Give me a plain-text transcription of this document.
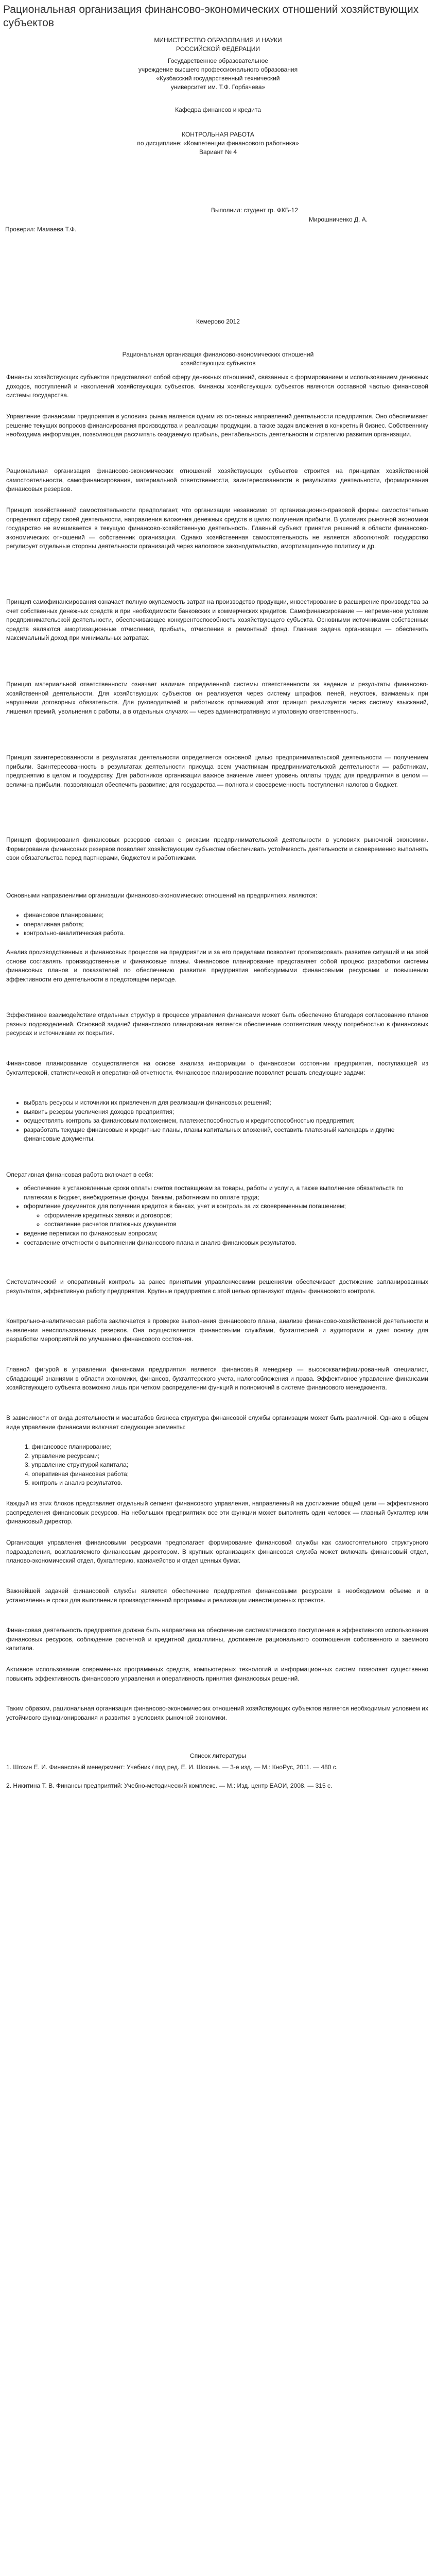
Рациональная организация финансово-экономических отношений хозяйствующих субъектов
МИНИСТЕРСТВО ОБРАЗОВАНИЯ И НАУКИ
РОССИЙСКОЙ ФЕДЕРАЦИИ
Государственное образовательное
учреждение высшего профессионального образования
«Кузбасский государственный технический
университет им. Т.Ф. Горбачева»
Кафедра финансов и кредита
КОНТРОЛЬНАЯ РАБОТА
по дисциплине: «Компетенции финансового работника»
Вариант № 4
Выполнил: студент гр. ФКБ-12
Мирошниченко Д. А.
Проверил: Мамаева Т.Ф.
Кемерово 2012
Рациональная организация финансово-экономических отношений
хозяйствующих субъектов

Финансы хозяйствующих субъектов представляют собой сферу денежных отношений, связанных с формированием и использованием денежных доходов, поступлений и накоплений хозяйствующих субъектов. Финансы хозяйствующих субъектов являются составной частью финансовой системы государства.

Управление финансами предприятия в условиях рынка является одним из основных направлений деятельности предприятия. Оно обеспечивает решение текущих вопросов финансирования производства и реализации продукции, а также задач вложения в конкретный бизнес. Собственнику необходима информация, позволяющая рассчитать ожидаемую прибыль, рентабельность деятельности и стратегию развития организации.

Рациональная организация финансово-экономических отношений хозяйствующих субъектов строится на принципах хозяйственной самостоятельности, самофинансирования, материальной ответственности, заинтересованности в результатах деятельности, формирования финансовых резервов.

Принцип хозяйственной самостоятельности предполагает, что организации независимо от организационно-правовой формы самостоятельно определяют сферу своей деятельности, направления вложения денежных средств в целях получения прибыли. В условиях рыночной экономики государство не вмешивается в текущую финансово-хозяйственную деятельность. Главный субъект принятия решений в области финансово-экономических отношений — собственник организации. Однако хозяйственная самостоятельность не является абсолютной: государство регулирует отдельные стороны деятельности организаций через налоговое законодательство, амортизационную политику и др.

Принцип самофинансирования означает полную окупаемость затрат на производство продукции, инвестирование в расширение производства за счет собственных денежных средств и при необходимости банковских и коммерческих кредитов. Самофинансирование — непременное условие предпринимательской деятельности, обеспечивающее конкурентоспособность хозяйствующего субъекта. Основными источниками собственных средств являются амортизационные отчисления, прибыль, отчисления в ремонтный фонд. Главная задача организации — обеспечить максимальный доход при минимальных затратах.

Принцип материальной ответственности означает наличие определенной системы ответственности за ведение и результаты финансово-хозяйственной деятельности. Для хозяйствующих субъектов он реализуется через систему штрафов, пеней, неустоек, взимаемых при нарушении договорных обязательств. Для руководителей и работников организаций этот принцип реализуется через систему взысканий, лишения премий, увольнения с работы, а в отдельных случаях — через административную и уголовную ответственность.

Принцип заинтересованности в результатах деятельности определяется основной целью предпринимательской деятельности — получением прибыли. Заинтересованность в результатах деятельности присуща всем участникам предпринимательской деятельности — работникам, предприятию в целом и государству. Для работников организации важное значение имеет уровень оплаты труда; для предприятия в целом — величина прибыли, позволяющая обеспечить развитие; для государства — полнота и своевременность поступления налогов в бюджет.

Принцип формирования финансовых резервов связан с рисками предпринимательской деятельности в условиях рыночной экономики. Формирование финансовых резервов позволяет хозяйствующим субъектам обеспечивать устойчивость деятельности и своевременно выполнять свои обязательства перед партнерами, бюджетом и работниками.

Основными направлениями организации финансово-экономических отношений на предприятиях являются:

• финансовое планирование;
• оперативная работа;
• контрольно-аналитическая работа.

Анализ производственных и финансовых процессов на предприятии и за его пределами позволяет прогнозировать развитие ситуаций и на этой основе составлять производственные и финансовые планы. Финансовое планирование представляет собой процесс разработки системы финансовых планов и показателей по обеспечению развития предприятия необходимыми финансовыми ресурсами и повышению эффективности его деятельности в предстоящем периоде.

Эффективное взаимодействие отдельных структур в процессе управления финансами может быть обеспечено благодаря согласованию планов разных подразделений. Основной задачей финансового планирования является обеспечение соответствия между потребностью в финансовых ресурсах и источниками их покрытия.

Финансовое планирование осуществляется на основе анализа информации о финансовом состоянии предприятия, поступающей из бухгалтерской, статистической и оперативной отчетности. Финансовое планирование позволяет решать следующие задачи:

• выбрать ресурсы и источники их привлечения для реализации финансовых решений;
• выявить резервы увеличения доходов предприятия;
• осуществлять контроль за финансовым положением, платежеспособностью и кредитоспособностью предприятия;
• разработать текущие финансовые и кредитные планы, планы капитальных вложений, составить платежный календарь и другие финансовые документы.

Оперативная финансовая работа включает в себя:

• обеспечение в установленные сроки оплаты счетов поставщикам за товары, работы и услуги, а также выполнение обязательств по платежам в бюджет, внебюджетные фонды, банкам, работникам по оплате труда;
• оформление документов для получения кредитов в банках, учет и контроль за их своевременным погашением;
◦ оформление кредитных заявок и договоров;
◦ составление расчетов платежных документов
• ведение переписки по финансовым вопросам;
• составление отчетности о выполнении финансового плана и анализ финансовых результатов.

Систематический и оперативный контроль за ранее принятыми управленческими решениями обеспечивает достижение запланированных результатов, эффективную работу предприятия. Крупные предприятия с этой целью организуют отделы финансового контроля.

Контрольно-аналитическая работа заключается в проверке выполнения финансового плана, анализе финансово-хозяйственной деятельности и выявлении неиспользованных резервов. Она осуществляется финансовыми службами, бухгалтерией и аудиторами и дает основу для разработки мероприятий по улучшению финансового состояния.

Главной фигурой в управлении финансами предприятия является финансовый менеджер — высококвалифицированный специалист, обладающий знаниями в области экономики, финансов, бухгалтерского учета, налогообложения и права. Эффективное управление финансами хозяйствующего субъекта возможно лишь при четком распределении функций и полномочий в системе финансового менеджмента.

В зависимости от вида деятельности и масштабов бизнеса структура финансовой службы организации может быть различной. Однако в общем виде управление финансами включает следующие элементы:

1. финансовое планирование;
2. управление ресурсами;
3. управление структурой капитала;
4. оперативная финансовая работа;
5. контроль и анализ результатов.

Каждый из этих блоков представляет отдельный сегмент финансового управления, направленный на достижение общей цели — эффективного распределения финансовых ресурсов. На небольших предприятиях все эти функции может выполнять один человек — главный бухгалтер или финансовый директор.

Организация управления финансовыми ресурсами предполагает формирование финансовой службы как самостоятельного структурного подразделения, возглавляемого финансовым директором. В крупных организациях финансовая служба может включать финансовый отдел, планово-экономический отдел, бухгалтерию, казначейство и отдел ценных бумаг.

Важнейшей задачей финансовой службы является обеспечение предприятия финансовыми ресурсами в необходимом объеме и в установленные сроки для выполнения производственной программы и реализации инвестиционных проектов.

Финансовая деятельность предприятия должна быть направлена на обеспечение систематического поступления и эффективного использования финансовых ресурсов, соблюдение расчетной и кредитной дисциплины, достижение рационального соотношения собственного и заемного капитала.

Активное использование современных программных средств, компьютерных технологий и информационных систем позволяет существенно повысить эффективность финансового управления и оперативность принятия финансовых решений.

Таким образом, рациональная организация финансово-экономических отношений хозяйствующих субъектов является необходимым условием их устойчивого функционирования и развития в условиях рыночной экономики.

Список литературы

1. Шохин Е. И. Финансовый менеджмент: Учебник / под ред. Е. И. Шохина. — 3-е изд. — М.: КноРус, 2011. — 480 с.

2. Никитина Т. В. Финансы предприятий: Учебно-методический комплекс. — М.: Изд. центр ЕАОИ, 2008. — 315 с.
